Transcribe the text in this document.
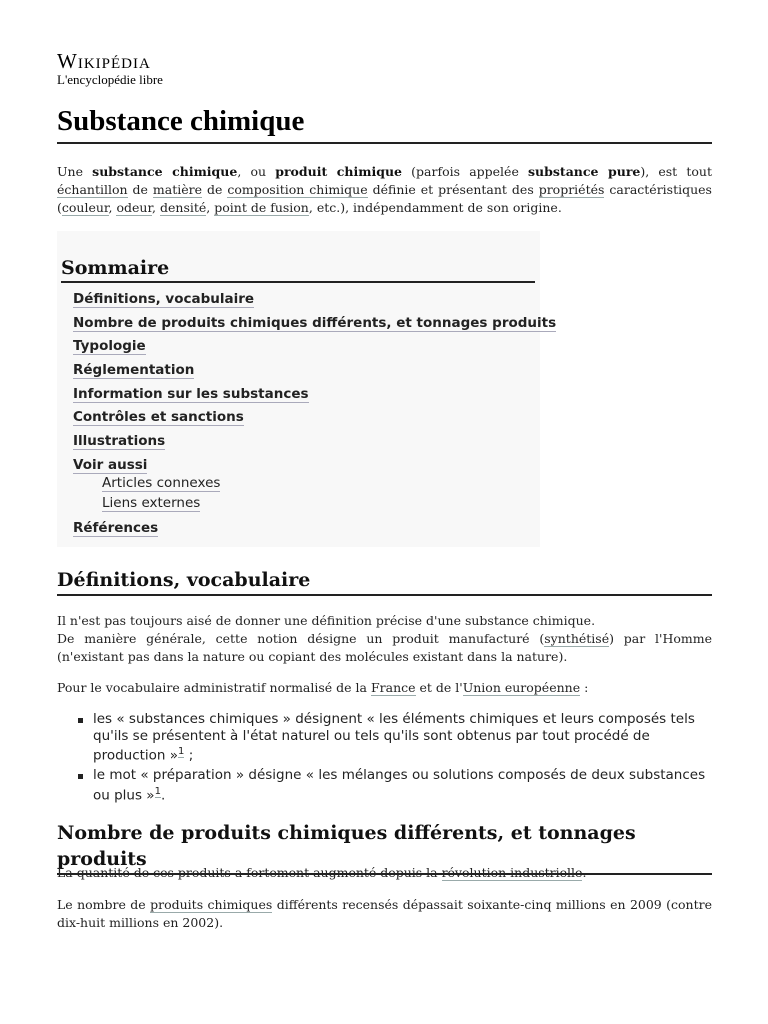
Wikipédia
L'encyclopédie libre
Substance chimique

Une substance chimique, ou produit chimique (parfois appelée substance pure), est tout échantillon de matière de composition chimique définie et présentant des propriétés caractéristiques (couleur, odeur, densité, point de fusion, etc.), indépendamment de son origine.

Sommaire
Définitions, vocabulaire
Nombre de produits chimiques différents, et tonnages produits
Typologie
Réglementation
Information sur les substances
Contrôles et sanctions
Illustrations
Voir aussi
Articles connexes
Liens externes
Références
Définitions, vocabulaire

Il n'est pas toujours aisé de donner une définition précise d'une substance chimique.

De manière générale, cette notion désigne un produit manufacturé (synthétisé) par l'Homme (n'existant pas dans la nature ou copiant des molécules existant dans la nature).

Pour le vocabulaire administratif normalisé de la France et de l'Union européenne :

les « substances chimiques » désignent « les éléments chimiques et leurs composés tels qu'ils se présentent à l'état naturel ou tels qu'ils sont obtenus par tout procédé de production »$^1$ ;
le mot « préparation » désigne « les mélanges ou solutions composés de deux substances ou plus »$^1$.
Nombre de produits chimiques différents, et tonnages produits

La quantité de ces produits a fortement augmenté depuis la révolution industrielle.

Le nombre de produits chimiques différents recensés dépassait soixante-cinq millions en 2009 (contre dix-huit millions en 2002).
